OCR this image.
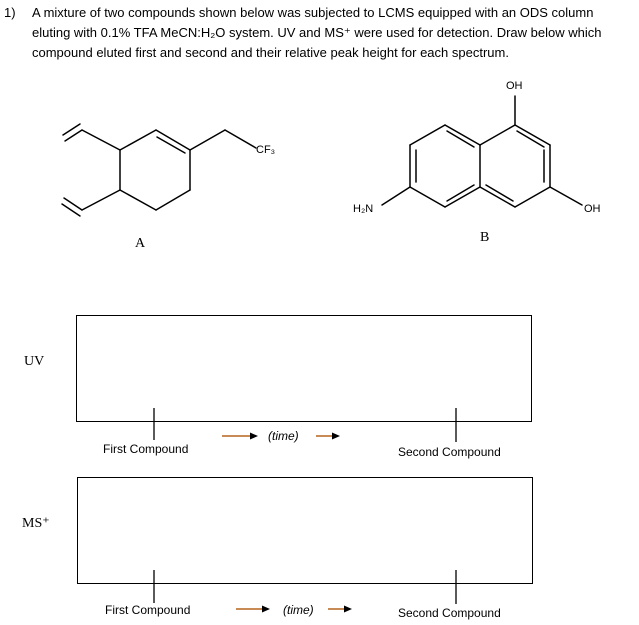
1) A mixture of two compounds shown below was subjected to LCMS equipped with an ODS column
eluting with 0.1% TFA MeCN:H₂O system. UV and MS⁺ were used for detection. Draw below which
compound eluted first and second and their relative peak height for each spectrum.
CF₃
A
OH
OH
H₂N
B
UV
First Compound
(time)
Second Compound
MS⁺
First Compound	(time)	Second Compound
